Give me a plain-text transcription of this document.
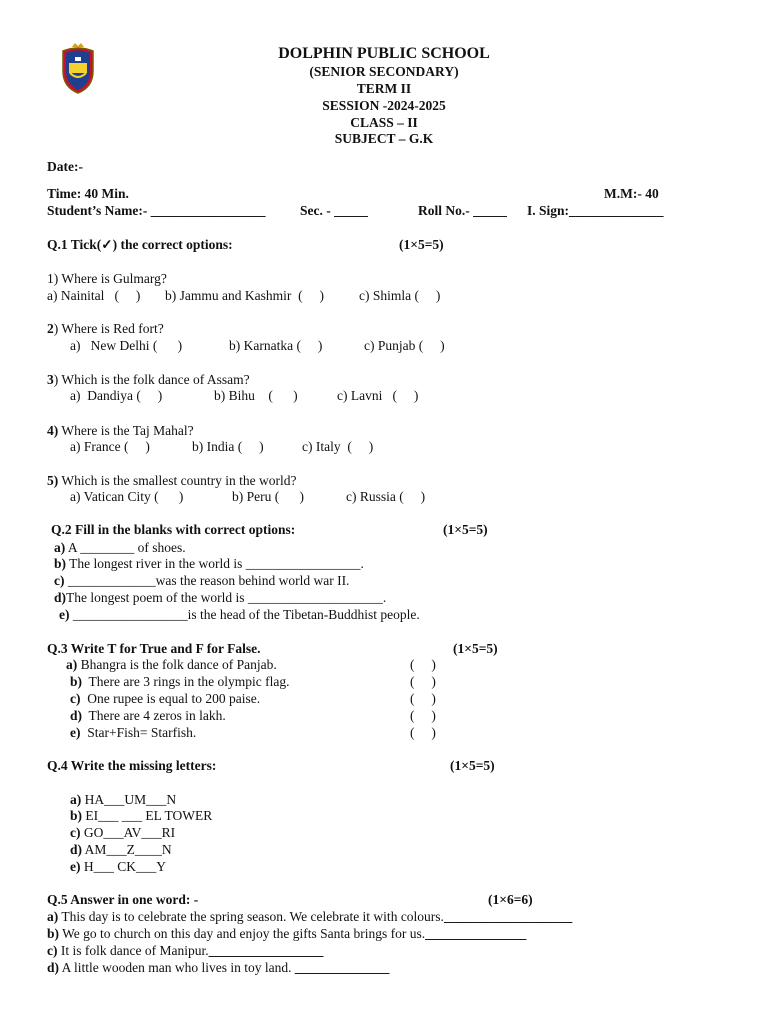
DOLPHIN PUBLIC SCHOOL
(SENIOR SECONDARY)
TERM II
SESSION -2024-2025
CLASS – II
SUBJECT – G.K
Date:-
Time: 40 Min.	M.M:- 40
Student’s Name:- _________________	Sec. - _____	Roll No.- _____ I. Sign:______________
Q.1 Tick(✓) the correct options:	(1×5=5)
1) Where is Gulmarg?
a) Nainital   (     ) b) Jammu and Kashmir  (     )	c) Shimla (     )
2) Where is Red fort?
a)   New Delhi (      )	b) Karnatka (     )	c) Punjab (     )
3) Which is the folk dance of Assam?
a)  Dandiya (     )	b) Bihu    (      )	c) Lavni   (     )
4) Where is the Taj Mahal?
a) France (     )	b) India (     )	c) Italy  (     )
5) Which is the smallest country in the world?
a) Vatican City (      )	b) Peru (      )	c) Russia (     )
Q.2 Fill in the blanks with correct options:	(1×5=5)
a) A ________ of shoes.
b) The longest river in the world is _________________.
c) _____________was the reason behind world war II.
d)The longest poem of the world is ____________________.
e) _________________is the head of the Tibetan-Buddhist people.
Q.3 Write T for True and F for False.	(1×5=5)
a) Bhangra is the folk dance of Panjab.	(     )
b)  There are 3 rings in the olympic flag.	(     )
c)  One rupee is equal to 200 paise.	(     )
d)  There are 4 zeros in lakh.	(     )
e)  Star+Fish= Starfish.	(     )
Q.4 Write the missing letters:	(1×5=5)
a) HA___UM___N
b) EI___ ___ EL TOWER
c) GO___AV___RI
d) AM___Z____N
e) H___ CK___Y
Q.5 Answer in one word: -	(1×6=6)
a) This day is to celebrate the spring season. We celebrate it with colours.___________________
b) We go to church on this day and enjoy the gifts Santa brings for us._______________
c) It is folk dance of Manipur._________________
d) A little wooden man who lives in toy land. ______________
